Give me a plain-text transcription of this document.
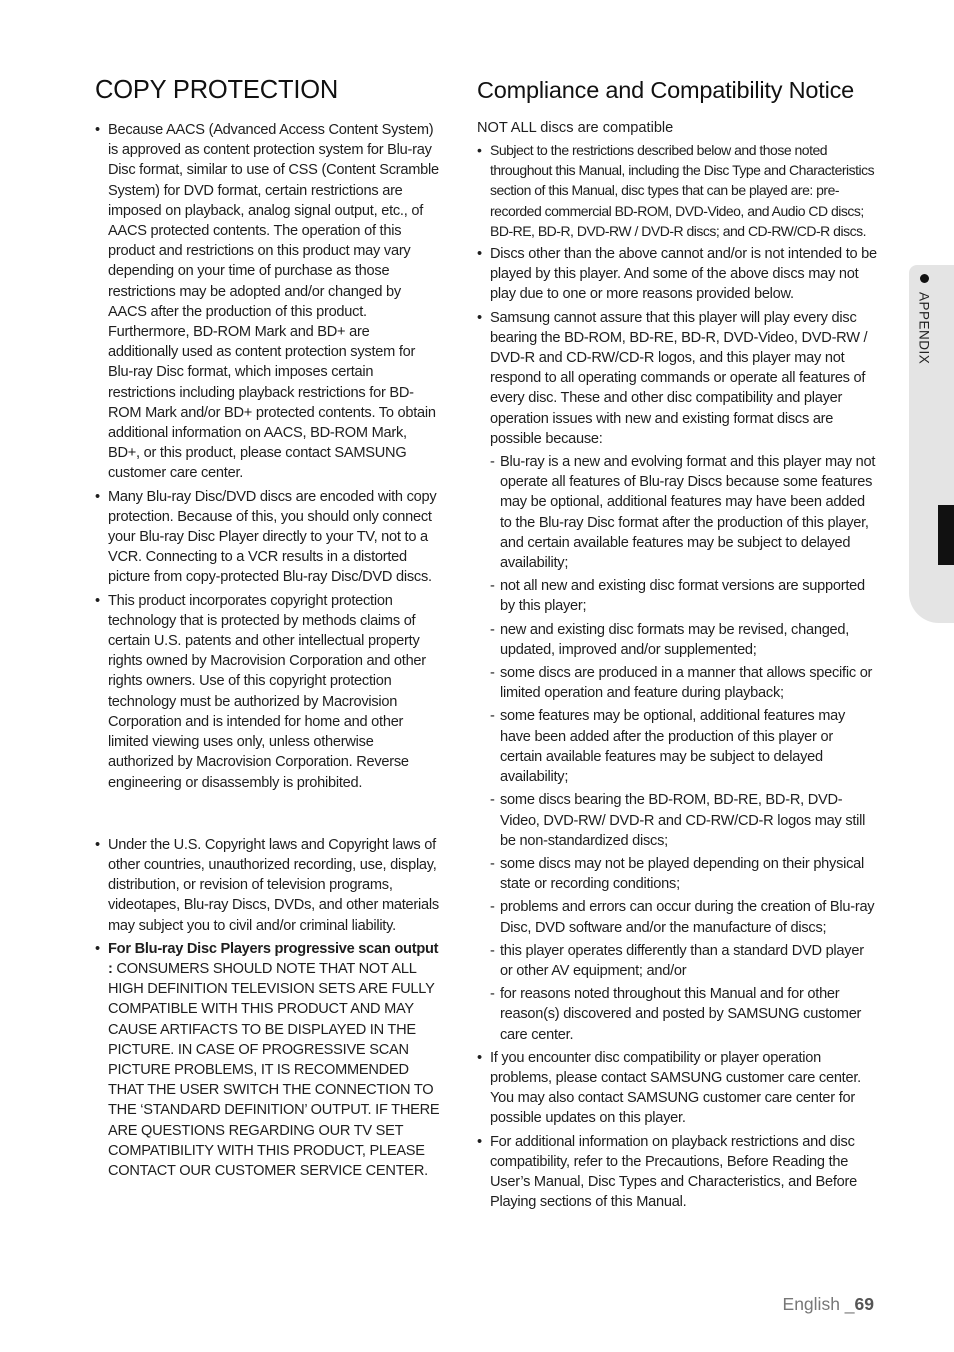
COPY PROTECTION
• Because AACS (Advanced Access Content System) is approved as content protection system for Blu-ray Disc format, similar to use of CSS (Content Scramble System) for DVD format, certain restrictions are imposed on playback, analog signal output, etc., of AACS protected contents. The operation of this product and restrictions on this product may vary depending on your time of purchase as those restrictions may be adopted and/or changed by AACS after the production of this product. Furthermore, BD-ROM Mark and BD+ are additionally used as content protection system for Blu-ray Disc format, which imposes certain restrictions including playback restrictions for BD-ROM Mark and/or BD+ protected contents. To obtain additional information on AACS, BD-ROM Mark, BD+, or this product, please contact SAMSUNG customer care center.
• Many Blu-ray Disc/DVD discs are encoded with copy protection. Because of this, you should only connect your Blu-ray Disc Player directly to your TV, not to a VCR. Connecting to a VCR results in a distorted picture from copy-protected Blu-ray Disc/DVD discs.
• This product incorporates copyright protection technology that is protected by methods claims of certain U.S. patents and other intellectual property rights owned by Macrovision Corporation and other rights owners. Use of this copyright protection technology must be authorized by Macrovision Corporation and is intended for home and other limited viewing uses only, unless otherwise authorized by Macrovision Corporation. Reverse engineering or disassembly is prohibited.
• Under the U.S. Copyright laws and Copyright laws of other countries, unauthorized recording, use, display, distribution, or revision of television programs, videotapes, Blu-ray Discs, DVDs, and other materials may subject you to civil and/or criminal liability.
• For Blu-ray Disc Players progressive scan output : CONSUMERS SHOULD NOTE THAT NOT ALL HIGH DEFINITION TELEVISION SETS ARE FULLY COMPATIBLE WITH THIS PRODUCT AND MAY CAUSE ARTIFACTS TO BE DISPLAYED IN THE PICTURE. IN CASE OF PROGRESSIVE SCAN PICTURE PROBLEMS, IT IS RECOMMENDED THAT THE USER SWITCH THE CONNECTION TO THE ‘STANDARD DEFINITION’ OUTPUT. IF THERE ARE QUESTIONS REGARDING OUR TV SET COMPATIBILITY WITH THIS PRODUCT, PLEASE CONTACT OUR CUSTOMER SERVICE CENTER.
Compliance and Compatibility Notice

NOT ALL discs are compatible

• Subject to the restrictions described below and those noted throughout this Manual, including the Disc Type and Characteristics section of this Manual, disc types that can be played are: pre-recorded commercial BD-ROM, DVD-Video, and Audio CD discs; BD-RE, BD-R, DVD-RW / DVD-R discs; and CD-RW/CD-R discs.
• Discs other than the above cannot and/or is not intended to be played by this player. And some of the above discs may not play due to one or more reasons provided below.
• Samsung cannot assure that this player will play every disc bearing the BD-ROM, BD-RE, BD-R, DVD-Video, DVD-RW / DVD-R and CD-RW/CD-R logos, and this player may not respond to all operating commands or operate all features of every disc. These and other disc compatibility and player operation issues with new and existing format discs are possible because:
- Blu-ray is a new and evolving format and this player may not operate all features of Blu-ray Discs because some features may be optional, additional features may have been added to the Blu-ray Disc format after the production of this player, and certain available features may be subject to delayed availability;
- not all new and existing disc format versions are supported by this player;
- new and existing disc formats may be revised, changed, updated, improved and/or supplemented;
- some discs are produced in a manner that allows specific or limited operation and feature during playback;
- some features may be optional, additional features may have been added after the production of this player or certain available features may be subject to delayed availability;
- some discs bearing the BD-ROM, BD-RE, BD-R, DVD-Video, DVD-RW/ DVD-R and CD-RW/CD-R logos may still be non-standardized discs;
- some discs may not be played depending on their physical state or recording conditions;
- problems and errors can occur during the creation of Blu-ray Disc, DVD software and/or the manufacture of discs;
- this player operates differently than a standard DVD player or other AV equipment; and/or
- for reasons noted throughout this Manual and for other reason(s) discovered and posted by SAMSUNG customer care center.
• If you encounter disc compatibility or player operation problems, please contact SAMSUNG customer care center. You may also contact SAMSUNG customer care center for possible updates on this player.
• For additional information on playback restrictions and disc compatibility, refer to the Precautions, Before Reading the User’s Manual, Disc Types and Characteristics, and Before Playing sections of this Manual.
APPENDIX
English _69
